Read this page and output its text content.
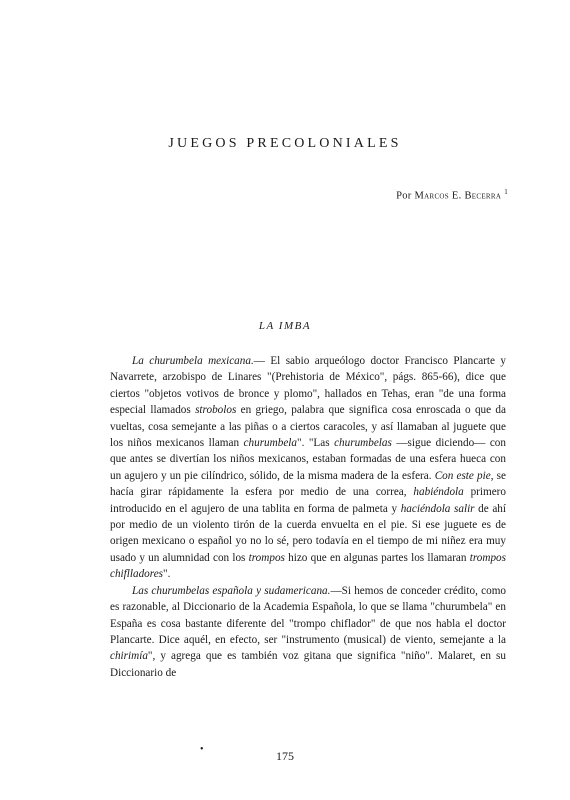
JUEGOS PRECOLONIALES
Por Marcos E. Becerra $^1$
LA IMBA

La churumbela mexicana.— El sabio arqueólogo doctor Francisco Plancarte y Navarrete, arzobispo de Linares "(Prehistoria de México", págs. 865-66), dice que ciertos "objetos votivos de bronce y plomo", hallados en Tehas, eran "de una forma especial llamados strobolos en griego, palabra que significa cosa enroscada o que da vueltas, cosa semejante a las piñas o a ciertos caracoles, y así llamaban al juguete que los niños mexicanos llaman churumbela". "Las churumbelas —sigue diciendo— con que antes se divertían los niños mexicanos, estaban formadas de una esfera hueca con un agujero y un pie cilíndrico, sólido, de la misma madera de la esfera. Con este pie, se hacía girar rápidamente la esfera por medio de una correa, habiéndola primero introducido en el agujero de una tablita en forma de palmeta y haciéndola salir de ahí por medio de un violento tirón de la cuerda envuelta en el pie. Si ese juguete es de origen mexicano o español yo no lo sé, pero todavía en el tiempo de mi niñez era muy usado y un alumnidad con los trompos hizo que en algunas partes los llamaran trompos chiflladores".

Las churumbelas española y sudamericana.—Si hemos de conceder crédito, como es razonable, al Diccionario de la Academia Española, lo que se llama "churumbela" en España es cosa bastante diferente del "trompo chiflador" de que nos habla el doctor Plancarte. Dice aquél, en efecto, ser "instrumento (musical) de viento, semejante a la chirimía", y agrega que es también voz gitana que significa "niño". Malaret, en su Diccionario de

•	175
